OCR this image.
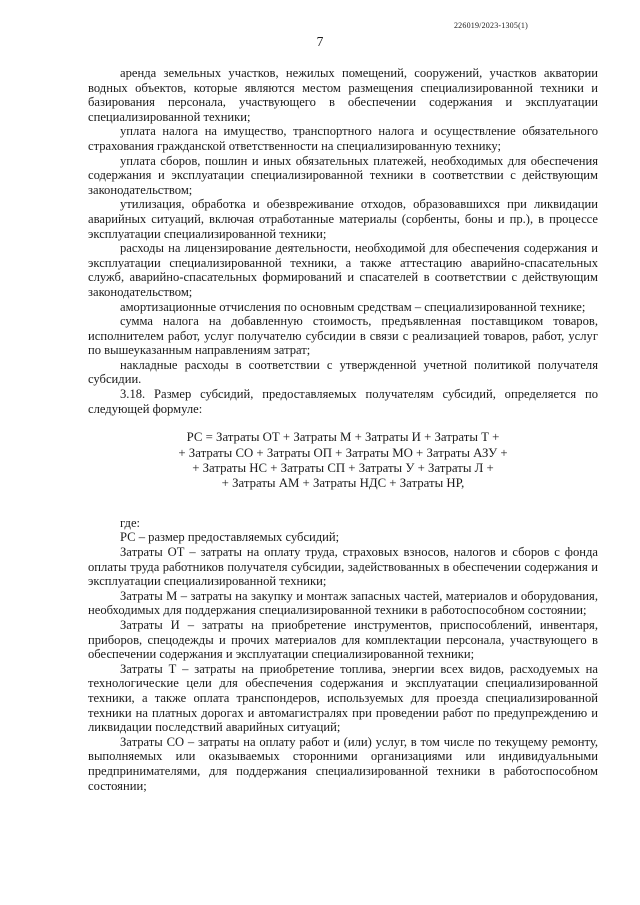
226019/2023-1305(1)
7

аренда земельных участков, нежилых помещений, сооружений, участков акватории водных объектов, которые являются местом размещения специализированной техники и базирования персонала, участвующего в обеспечении содержания и эксплуатации специализированной техники;

уплата налога на имущество, транспортного налога и осуществление обязательного страхования гражданской ответственности на специализированную технику;

уплата сборов, пошлин и иных обязательных платежей, необходимых для обеспечения содержания и эксплуатации специализированной техники в соответствии с действующим законодательством;

утилизация, обработка и обезвреживание отходов, образовавшихся при ликвидации аварийных ситуаций, включая отработанные материалы (сорбенты, боны и пр.), в процессе эксплуатации специализированной техники;

расходы на лицензирование деятельности, необходимой для обеспечения содержания и эксплуатации специализированной техники, а также аттестацию аварийно-спасательных служб, аварийно-спасательных формирований и спасателей в соответствии с действующим законодательством;

амортизационные отчисления по основным средствам – специализированной технике;

сумма налога на добавленную стоимость, предъявленная поставщиком товаров, исполнителем работ, услуг получателю субсидии в связи с реализацией товаров, работ, услуг по вышеуказанным направлениям затрат;

накладные расходы в соответствии с утвержденной учетной политикой получателя субсидии.

3.18. Размер субсидий, предоставляемых получателям субсидий, определяется по следующей формуле:

РС = Затраты ОТ + Затраты М + Затраты И + Затраты Т +
+ Затраты СО + Затраты ОП + Затраты МО + Затраты АЗУ +
+ Затраты НС + Затраты СП + Затраты У + Затраты Л +
+ Затраты АМ + Затраты НДС + Затраты НР,

где:

РС – размер предоставляемых субсидий;

Затраты ОТ – затраты на оплату труда, страховых взносов, налогов и сборов с фонда оплаты труда работников получателя субсидии, задействованных в обеспечении содержания и эксплуатации специализированной техники;

Затраты М – затраты на закупку и монтаж запасных частей, материалов и оборудования, необходимых для поддержания специализированной техники в работоспособном состоянии;

Затраты И – затраты на приобретение инструментов, приспособлений, инвентаря, приборов, спецодежды и прочих материалов для комплектации персонала, участвующего в обеспечении содержания и эксплуатации специализированной техники;

Затраты Т – затраты на приобретение топлива, энергии всех видов, расходуемых на технологические цели для обеспечения содержания и эксплуатации специализированной техники, а также оплата транспондеров, используемых для проезда специализированной техники на платных дорогах и автомагистралях при проведении работ по предупреждению и ликвидации последствий аварийных ситуаций;

Затраты СО – затраты на оплату работ и (или) услуг, в том числе по текущему ремонту, выполняемых или оказываемых сторонними организациями или индивидуальными предпринимателями, для поддержания специализированной техники в работоспособном состоянии;
